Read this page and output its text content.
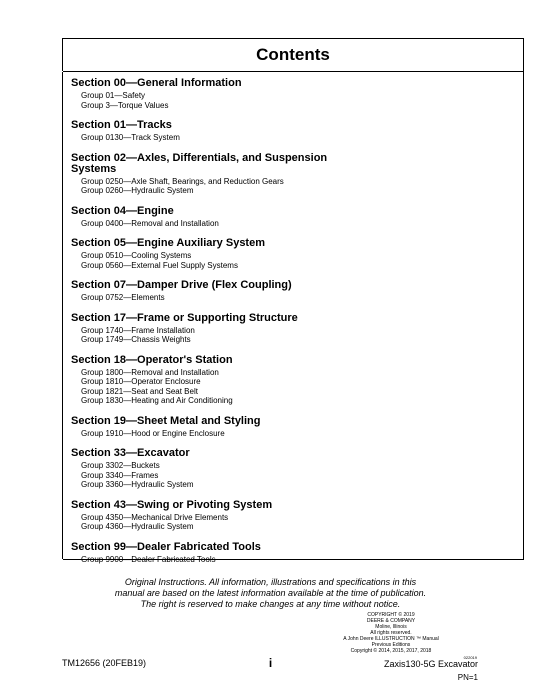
Contents
Section 00—General Information
Group 01—Safety
Group 3—Torque Values
Section 01—Tracks
Group 0130—Track System
Section 02—Axles, Differentials, and Suspension Systems
Group 0250—Axle Shaft, Bearings, and Reduction Gears
Group 0260—Hydraulic System
Section 04—Engine
Group 0400—Removal and Installation
Section 05—Engine Auxiliary System
Group 0510—Cooling Systems
Group 0560—External Fuel Supply Systems
Section 07—Damper Drive (Flex Coupling)
Group 0752—Elements
Section 17—Frame or Supporting Structure
Group 1740—Frame Installation
Group 1749—Chassis Weights
Section 18—Operator's Station
Group 1800—Removal and Installation
Group 1810—Operator Enclosure
Group 1821—Seat and Seat Belt
Group 1830—Heating and Air Conditioning
Section 19—Sheet Metal and Styling
Group 1910—Hood or Engine Enclosure
Section 33—Excavator
Group 3302—Buckets
Group 3340—Frames
Group 3360—Hydraulic System
Section 43—Swing or Pivoting System
Group 4350—Mechanical Drive Elements
Group 4360—Hydraulic System
Section 99—Dealer Fabricated Tools
Group 9900—Dealer Fabricated Tools
Original Instructions. All information, illustrations and specifications in this
manual are based on the latest information available at the time of publication.
The right is reserved to make changes at any time without notice.
COPYRIGHT © 2019
DEERE & COMPANY
Moline, Illinois
All rights reserved.
A John Deere ILLUSTRUCTION ™ Manual
Previous Editions
Copyright © 2014, 2015, 2017, 2018
TM12656 (20FEB19)	i	022019
Zaxis130-5G Excavator
PN=1
